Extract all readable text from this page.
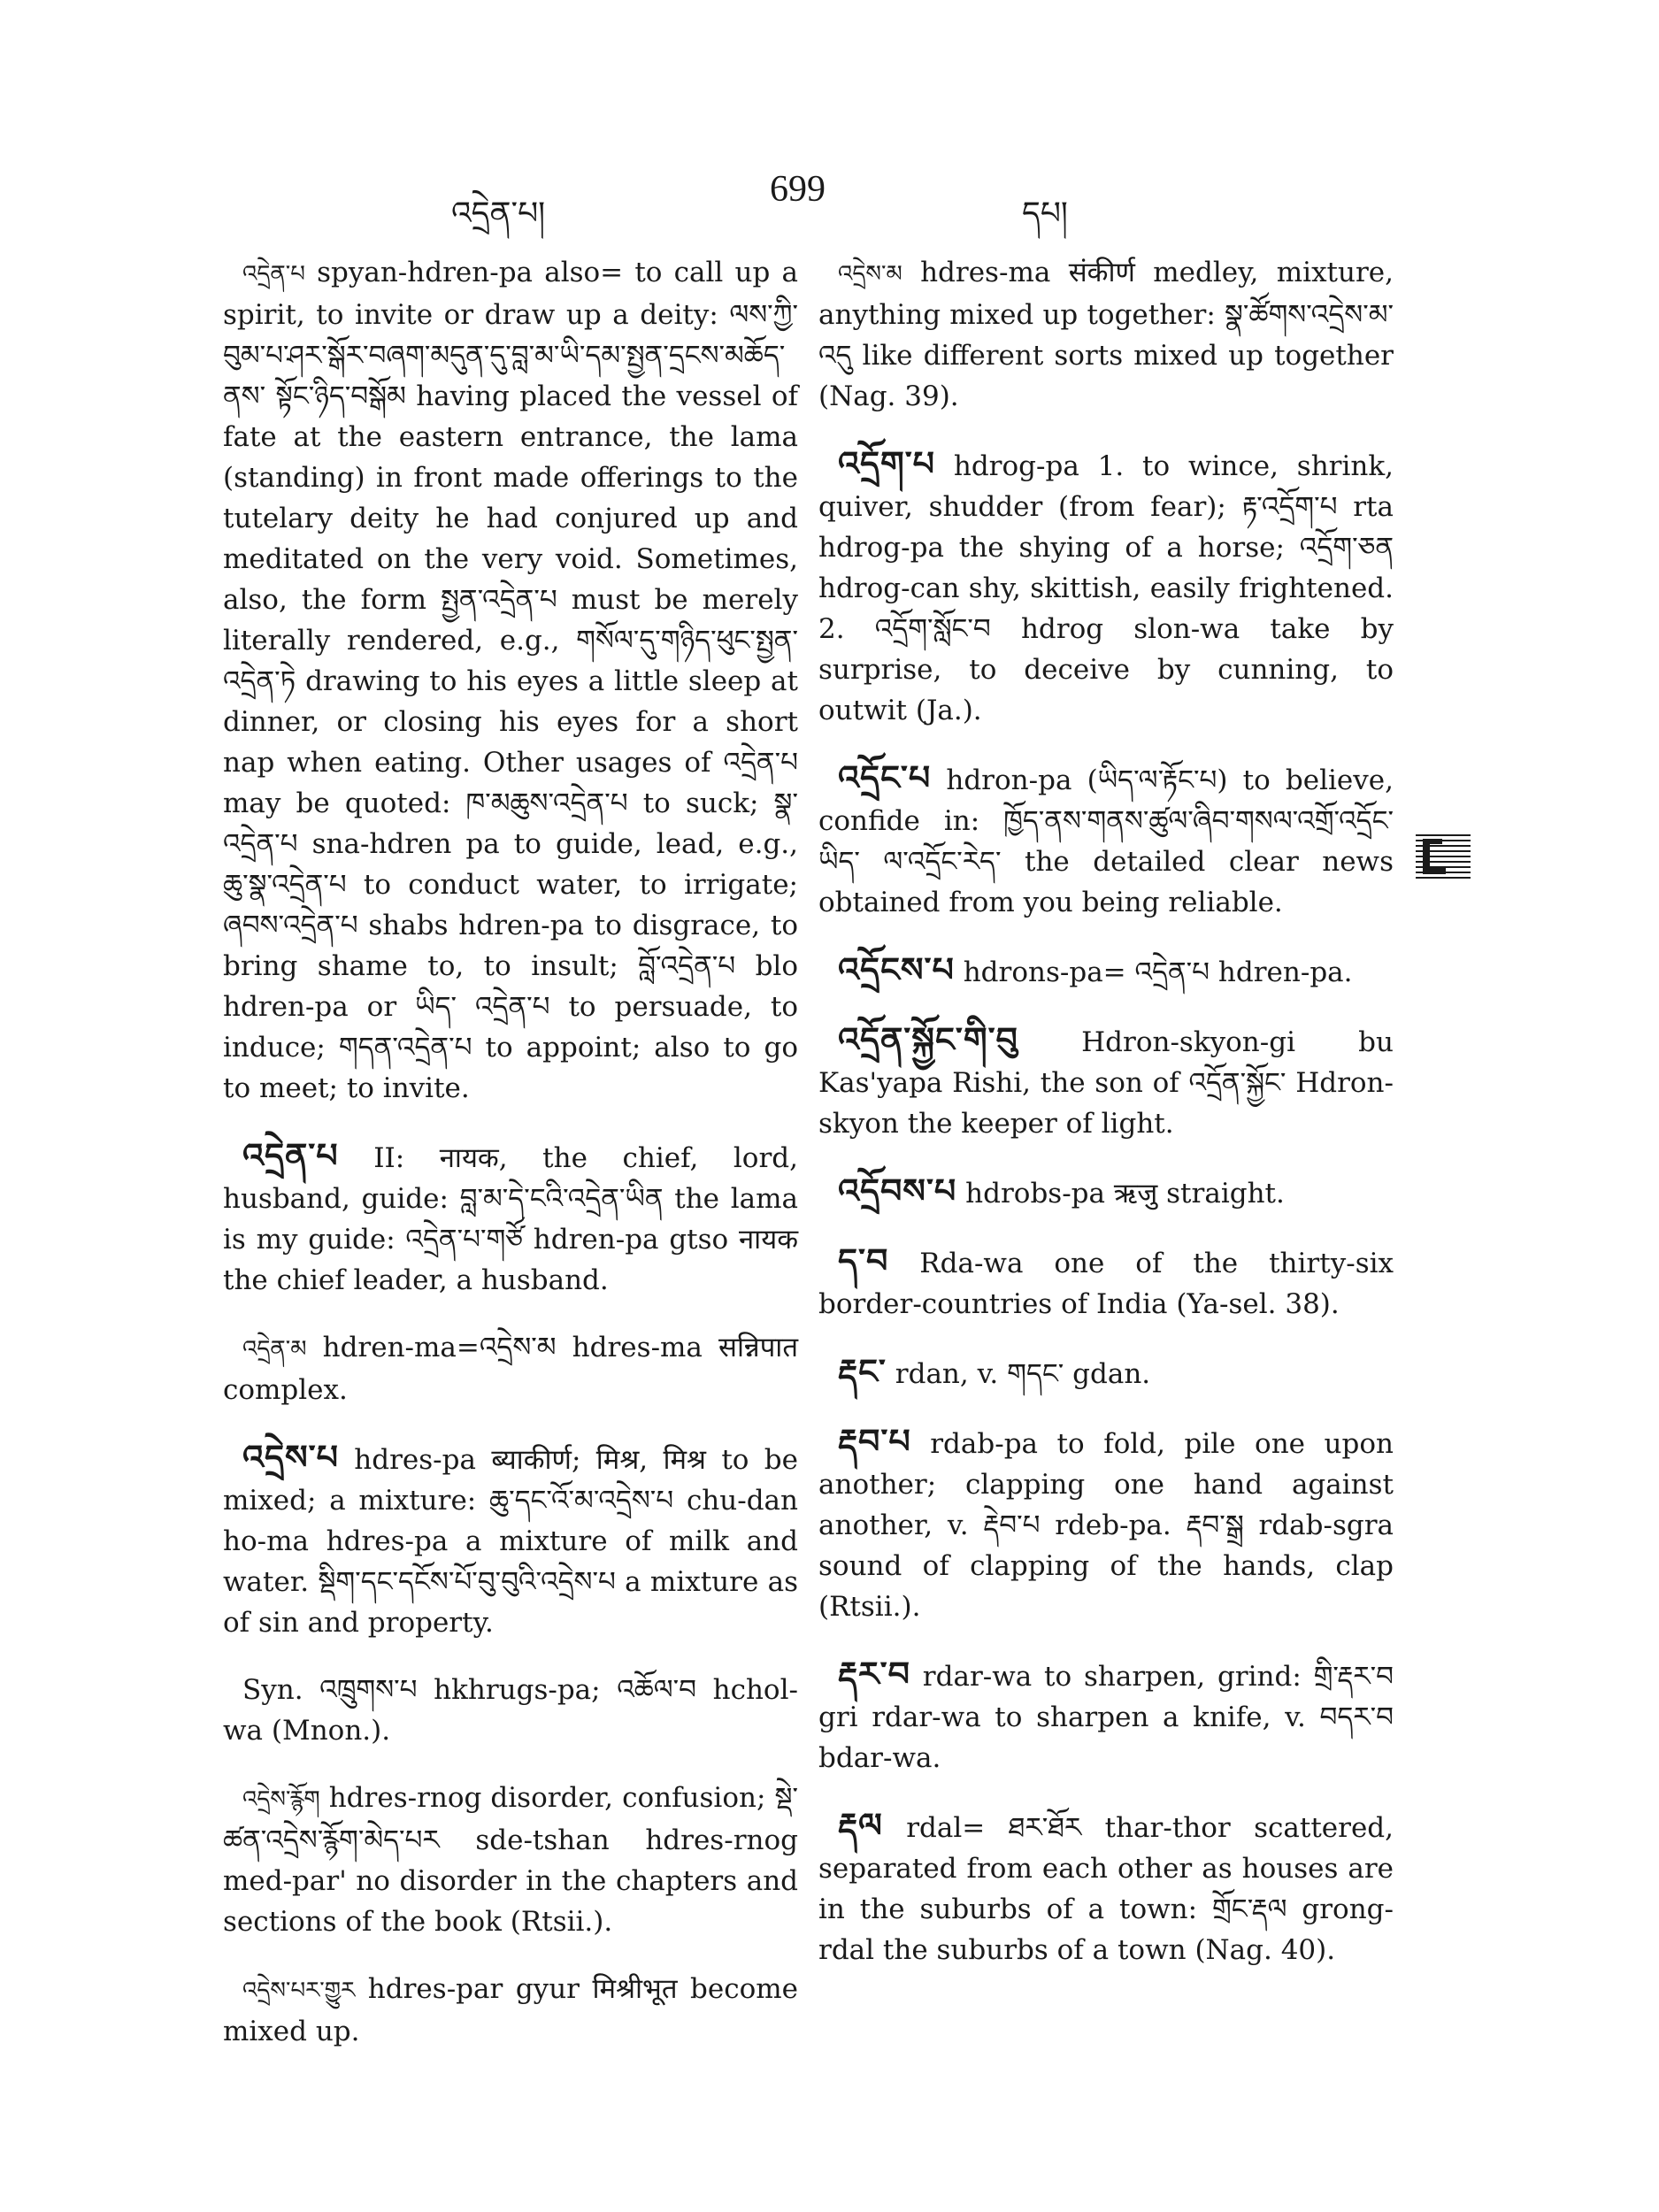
འདྲེན་པ།
699
དཔ།

འདྲེན་པ spyan-hdren-pa also= to call up a spirit, to invite or draw up a deity: ལས་ཀྱི་ བུམ་པ་ཤར་སྒོར་བཞག་མདུན་དུ་བླ་མ་ཡི་དམ་སྤྱན་དྲངས་མཆོད་ནས་ སྟོང་ཉིད་བསྒོམ having placed the vessel of fate at the eastern entrance, the lama (standing) in front made offerings to the tutelary deity he had conjured up and meditated on the very void. Sometimes, also, the form སྤྱན་འདྲེན་པ must be merely literally rendered, e.g., གསོལ་དུ་གཉིད་ཕུང་སྤྱན་ འདྲེན་ཏེ drawing to his eyes a little sleep at dinner, or closing his eyes for a short nap when eating. Other usages of འདྲེན་པ may be quoted: ཁ་མཆུས་འདྲེན་པ to suck; སྣ་འདྲེན་པ sna-hdren pa to guide, lead, e.g., ཆུ་སྣ་འདྲེན་པ to conduct water, to irrigate; ཞབས་འདྲེན་པ shabs hdren-pa to disgrace, to bring shame to, to insult; བློ་འདྲེན་པ blo hdren-pa or ཡིད་ འདྲེན་པ to persuade, to induce; གདན་འདྲེན་པ to appoint; also to go to meet; to invite.

འདྲེན་པ II: नायक, the chief, lord, husband, guide: བླ་མ་དེ་ངའི་འདྲེན་ཡིན the lama is my guide: འདྲེན་པ་གཙོ hdren-pa gtso नायक the chief leader, a husband.

འདྲེན་མ hdren-ma=འདྲེས་མ hdres-ma सन्निपात complex.

འདྲེས་པ hdres-pa ब्याकीर्ण; मिश्र, मिश्र to be mixed; a mixture: ཆུ་དང་འོ་མ་འདྲེས་པ chu-dan ho-ma hdres-pa a mixture of milk and water. སྡིག་དང་དངོས་པོ་བུ་བུའི་འདྲེས་པ a mixture as of sin and property.

Syn. འཁྲུགས་པ hkhrugs-pa; འཆོལ་བ hchol-wa (Mnon.).

འདྲེས་རྙོག hdres-rnog disorder, confusion; སྡེ་ཚན་འདྲེས་རྙོག་མེད་པར sde-tshan hdres-rnog med-par' no disorder in the chapters and sections of the book (Rtsii.).

འདྲེས་པར་གྱུར hdres-par gyur मिश्रीभूत become mixed up.

འདྲེས་མ hdres-ma संकीर्ण medley, mixture, anything mixed up together: སྣ་ཚོགས་འདྲེས་མ་ འདུ like different sorts mixed up together (Nag. 39).

འདྲོག་པ hdrog-pa 1. to wince, shrink, quiver, shudder (from fear); རྟ་འདྲོག་པ rta hdrog-pa the shying of a horse; འདྲོག་ཅན hdrog-can shy, skittish, easily frightened. 2. འདྲོག་སློང་བ hdrog slon-wa take by surprise, to deceive by cunning, to outwit (Ja.).

འདྲོང་པ hdron-pa (ཡིད་ལ་རྟོང་པ) to believe, confide in: ཁྱོད་ནས་གནས་ཚུལ་ཞིབ་གསལ་འགྲོ་འདྲོང་ཡིད་ ལ་འདྲོང་རེད་ the detailed clear news obtained from you being reliable.

འདྲོངས་པ hdrons-pa= འདྲེན་པ hdren-pa.

འདྲོན་སྐྱོང་གི་བུ Hdron-skyon-gi bu Kas'yapa Rishi, the son of འདྲོན་སྐྱོང་ Hdron-skyon the keeper of light.

འདྲོབས་པ hdrobs-pa ऋजु straight.

ད་བ Rda-wa one of the thirty-six border-countries of India (Ya-sel. 38).

རྡང་ rdan, v. གདང་ gdan.

རྡབ་པ rdab-pa to fold, pile one upon another; clapping one hand against another, v. རྡེབ་པ rdeb-pa. རྡབ་སྒྲ rdab-sgra sound of clapping of the hands, clap (Rtsii.).

རྡར་བ rdar-wa to sharpen, grind: གྲི་རྡར་བ gri rdar-wa to sharpen a knife, v. བདར་བ bdar-wa.

རྡལ rdal= ཐར་ཐོར thar-thor scattered, separated from each other as houses are in the suburbs of a town: གྲོང་རྡལ grong-rdal the suburbs of a town (Nag. 40).
